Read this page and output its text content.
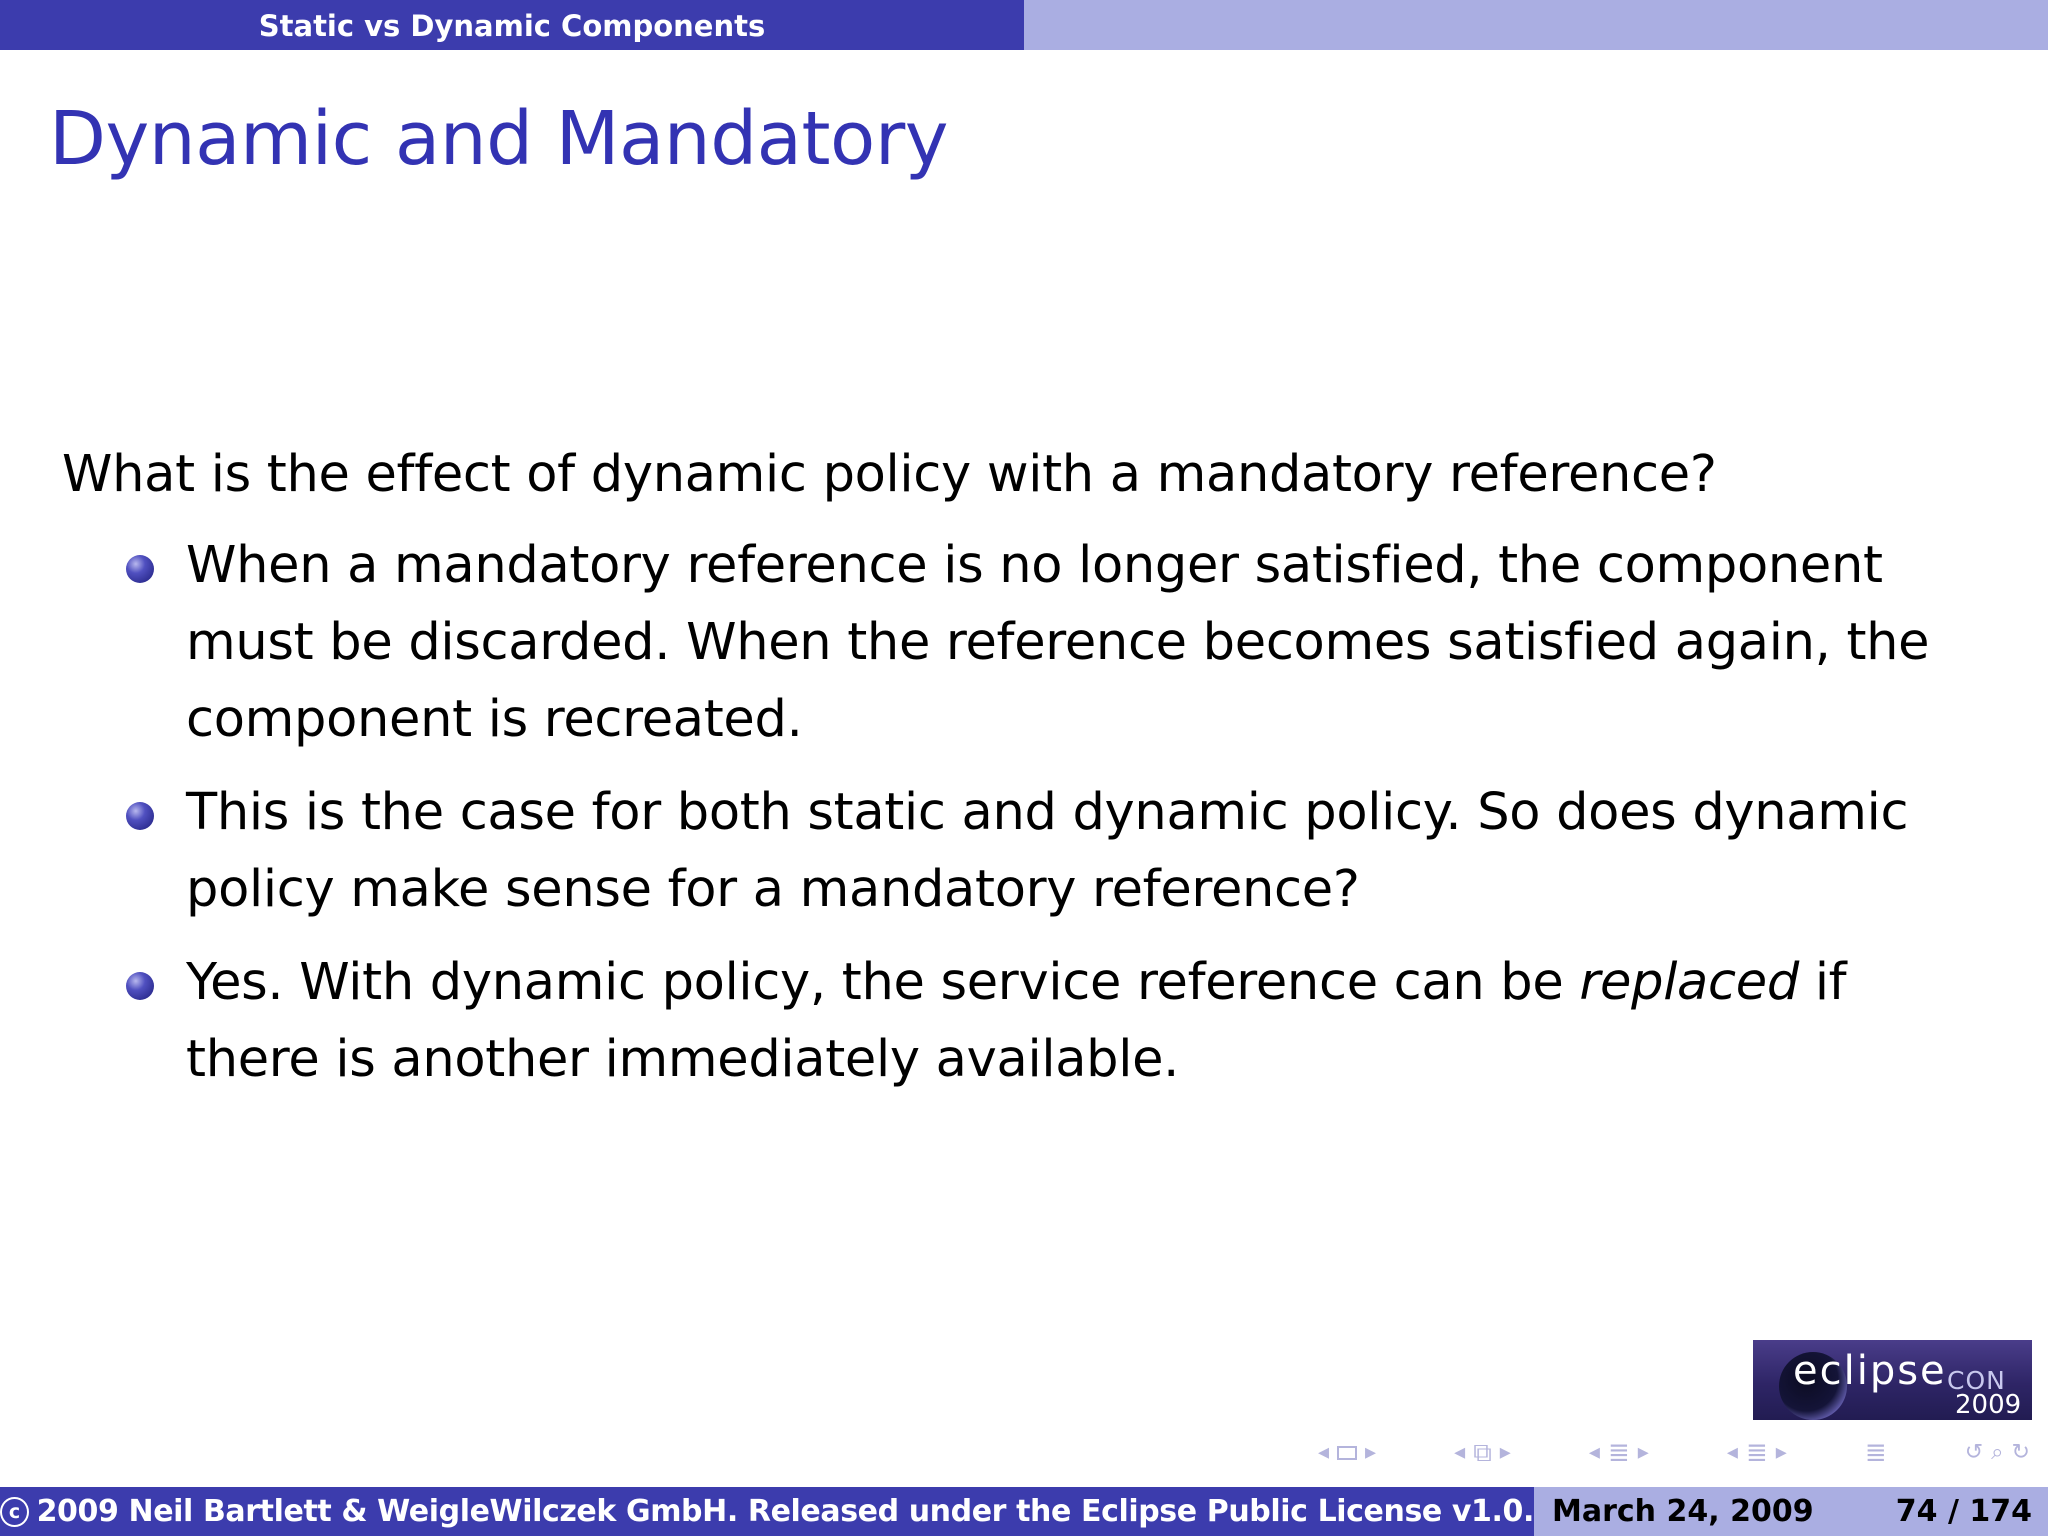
Static vs Dynamic Components
Dynamic and Mandatory

What is the effect of dynamic policy with a mandatory reference?

When a mandatory reference is no longer satisfied, the component must be discarded. When the reference becomes satisfied again, the component is recreated.
This is the case for both static and dynamic policy. So does dynamic policy make sense for a mandatory reference?
Yes. With dynamic policy, the service reference can be replaced if there is another immediately available.
eclipse CON
2009
◂ ▸	◂ ⧉ ▸	◂ ≣ ▸	◂ ≣ ▸	≣	↺ ⌕ ↻
c 2009 Neil Bartlett & WeigleWilczek GmbH. Released under the Eclipse Public License v1.0. March 24, 2009	74 / 174
